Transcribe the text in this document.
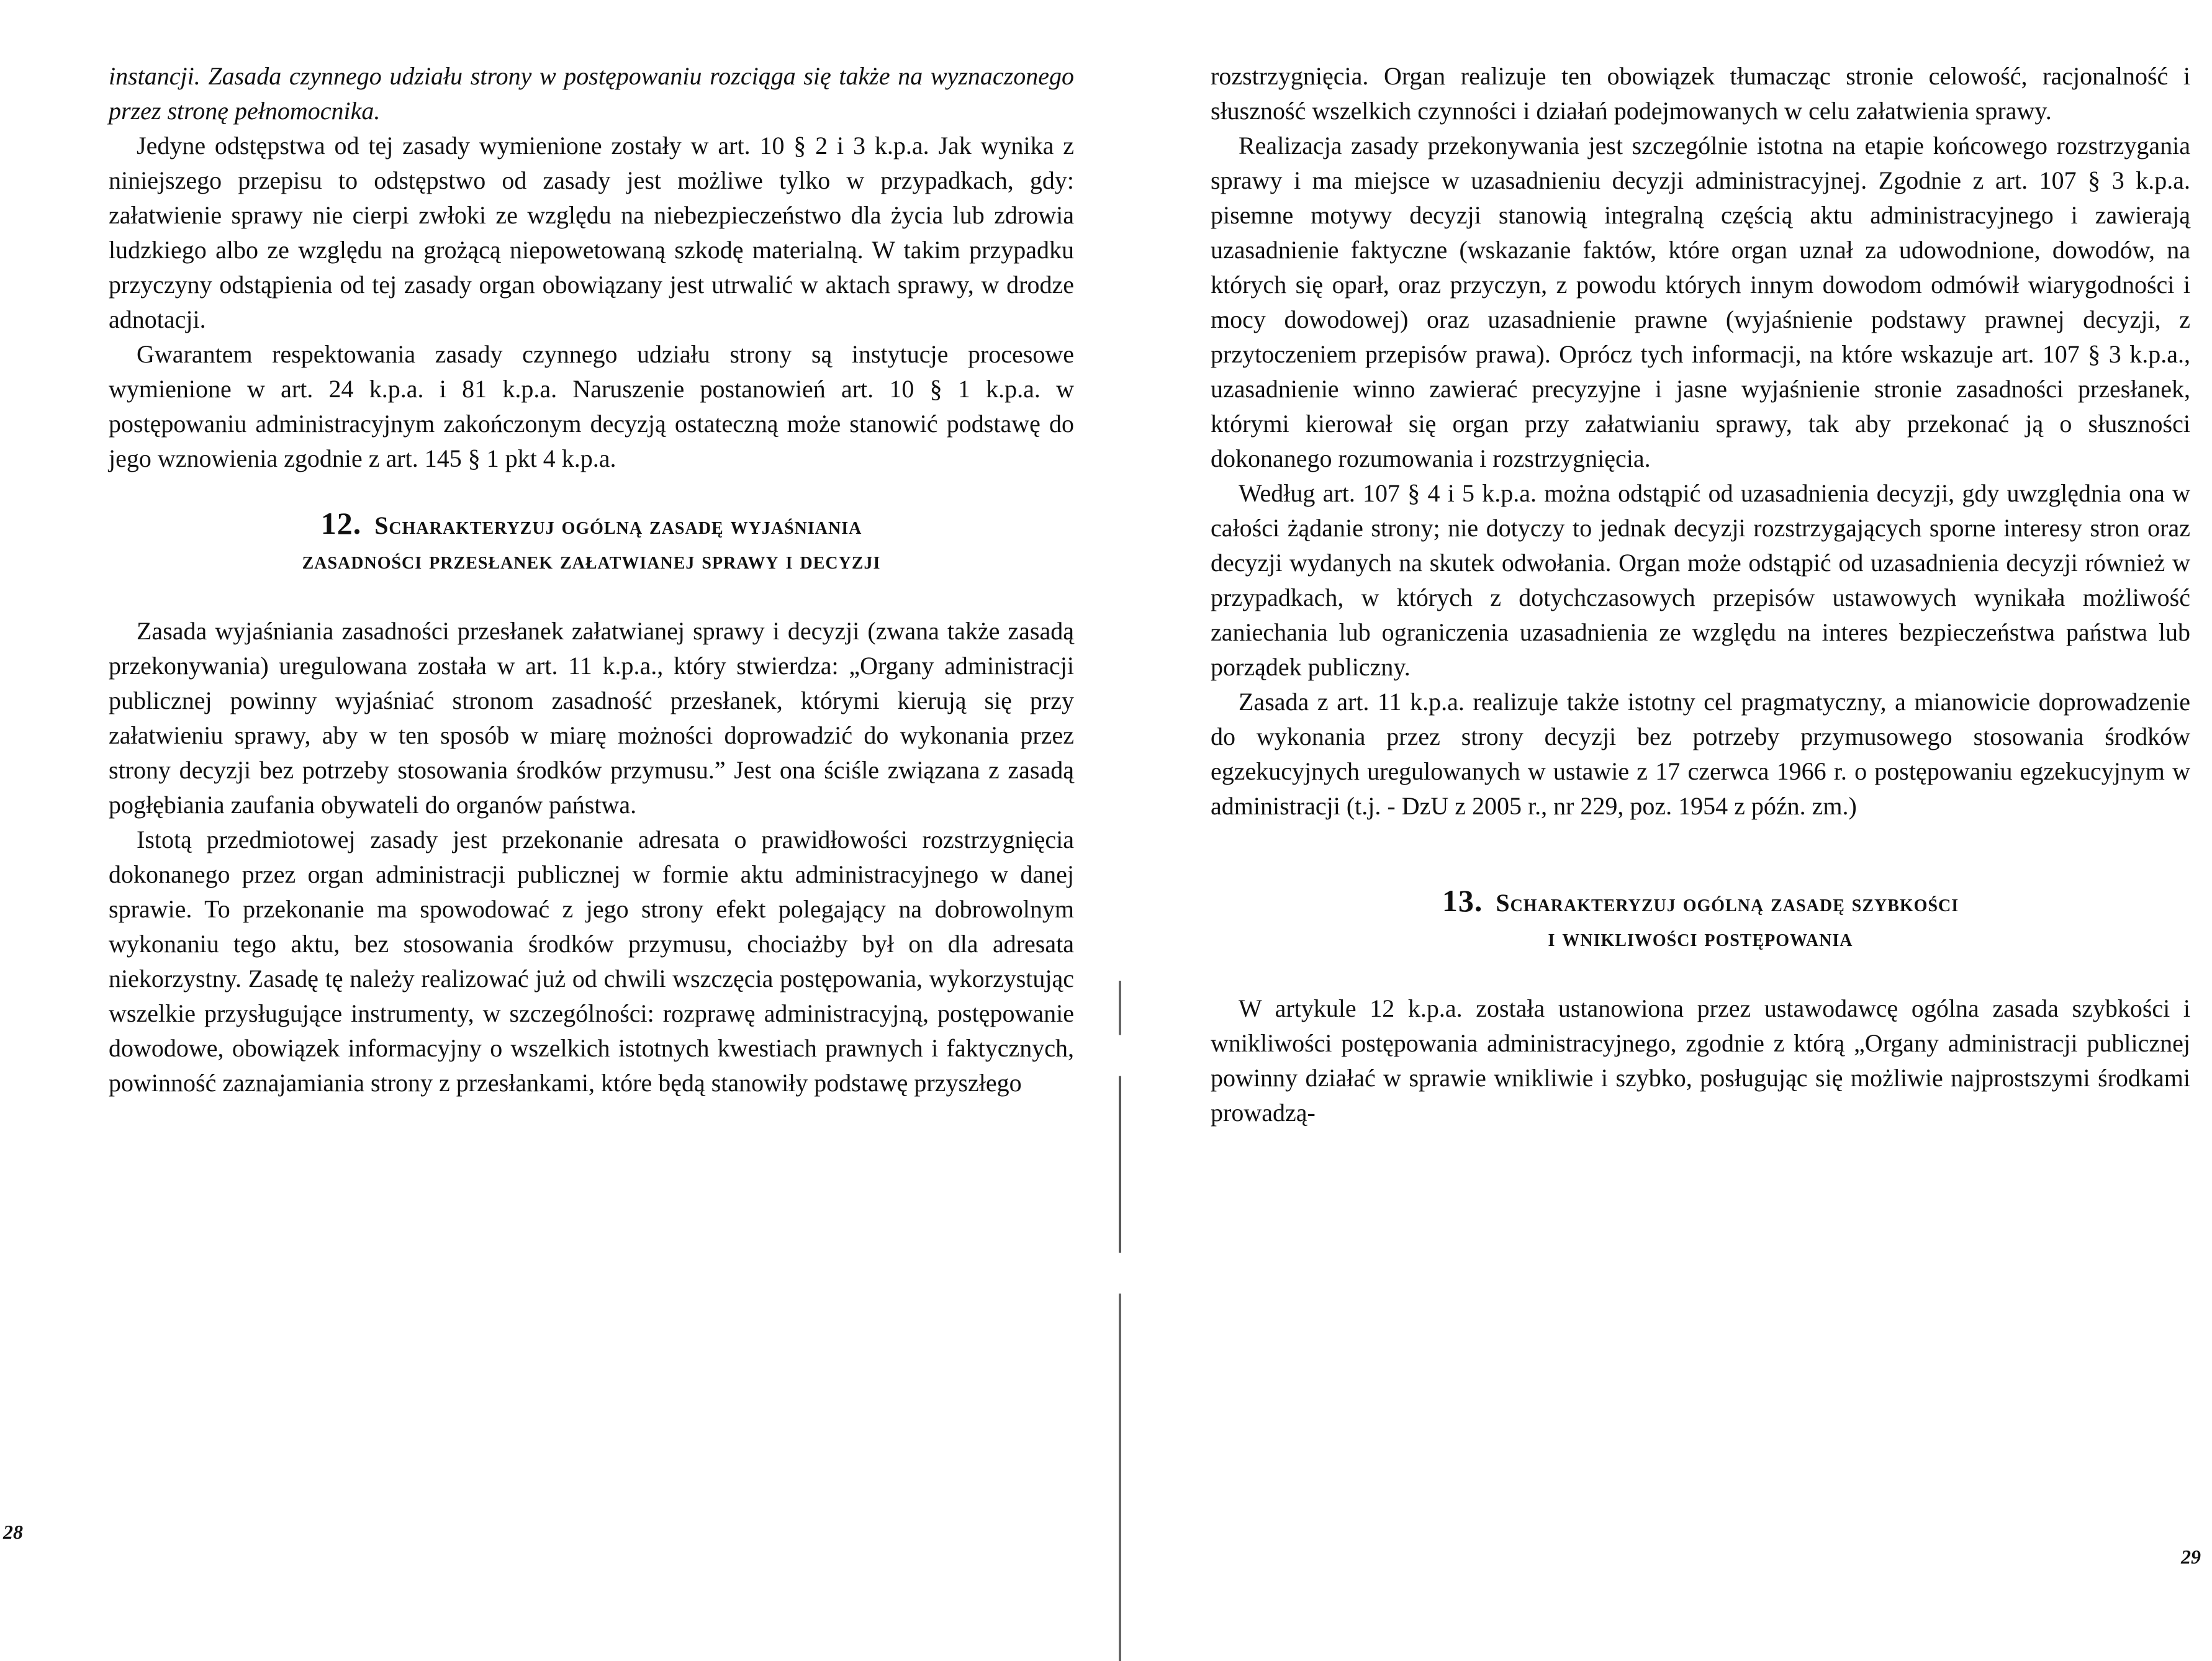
instancji. Zasada czynnego udziału strony w postępowaniu rozciąga się także na wyznaczonego przez stronę pełnomocnika.

Jedyne odstępstwa od tej zasady wymienione zostały w art. 10 § 2 i 3 k.p.a. Jak wynika z niniejszego przepisu to odstępstwo od zasady jest możliwe tylko w przypadkach, gdy: załatwienie sprawy nie cierpi zwłoki ze względu na niebezpieczeństwo dla życia lub zdrowia ludzkiego albo ze względu na grożącą niepowetowaną szkodę materialną. W takim przypadku przyczyny odstąpienia od tej zasady organ obowiązany jest utrwalić w aktach sprawy, w drodze adnotacji.

Gwarantem respektowania zasady czynnego udziału strony są instytucje procesowe wymienione w art. 24 k.p.a. i 81 k.p.a. Naruszenie postanowień art. 10 § 1 k.p.a. w postępowaniu administracyjnym zakończonym decyzją ostateczną może stanowić podstawę do jego wznowienia zgodnie z art. 145 § 1 pkt 4 k.p.a.

12. Scharakteryzuj ogólną zasadę wyjaśniania
zasadności przesłanek załatwianej sprawy i decyzji

Zasada wyjaśniania zasadności przesłanek załatwianej sprawy i decyzji (zwana także zasadą przekonywania) uregulowana została w art. 11 k.p.a., który stwierdza: „Organy administracji publicznej powinny wyjaśniać stronom zasadność przesłanek, którymi kierują się przy załatwieniu sprawy, aby w ten sposób w miarę możności doprowadzić do wykonania przez strony decyzji bez potrzeby stosowania środków przymusu.” Jest ona ściśle związana z zasadą pogłębiania zaufania obywateli do organów państwa.

Istotą przedmiotowej zasady jest przekonanie adresata o prawidłowości rozstrzygnięcia dokonanego przez organ administracji publicznej w formie aktu administracyjnego w danej sprawie. To przekonanie ma spowodować z jego strony efekt polegający na dobrowolnym wykonaniu tego aktu, bez stosowania środków przymusu, chociażby był on dla adresata niekorzystny. Zasadę tę należy realizować już od chwili wszczęcia postępowania, wykorzystując wszelkie przysługujące instrumenty, w szczególności: rozprawę administracyjną, postępowanie dowodowe, obowiązek informacyjny o wszelkich istotnych kwestiach prawnych i faktycznych, powinność zaznajamiania strony z przesłankami, które będą stanowiły podstawę przyszłego

28

rozstrzygnięcia. Organ realizuje ten obowiązek tłumacząc stronie celowość, racjonalność i słuszność wszelkich czynności i działań podejmowanych w celu załatwienia sprawy.

Realizacja zasady przekonywania jest szczególnie istotna na etapie końcowego rozstrzygania sprawy i ma miejsce w uzasadnieniu decyzji administracyjnej. Zgodnie z art. 107 § 3 k.p.a. pisemne motywy decyzji stanowią integralną częścią aktu administracyjnego i zawierają uzasadnienie faktyczne (wskazanie faktów, które organ uznał za udowodnione, dowodów, na których się oparł, oraz przyczyn, z powodu których innym dowodom odmówił wiarygodności i mocy dowodowej) oraz uzasadnienie prawne (wyjaśnienie podstawy prawnej decyzji, z przytoczeniem przepisów prawa). Oprócz tych informacji, na które wskazuje art. 107 § 3 k.p.a., uzasadnienie winno zawierać precyzyjne i jasne wyjaśnienie stronie zasadności przesłanek, którymi kierował się organ przy załatwianiu sprawy, tak aby przekonać ją o słuszności dokonanego rozumowania i rozstrzygnięcia.

Według art. 107 § 4 i 5 k.p.a. można odstąpić od uzasadnienia decyzji, gdy uwzględnia ona w całości żądanie strony; nie dotyczy to jednak decyzji rozstrzygających sporne interesy stron oraz decyzji wydanych na skutek odwołania. Organ może odstąpić od uzasadnienia decyzji również w przypadkach, w których z dotychczasowych przepisów ustawowych wynikała możliwość zaniechania lub ograniczenia uzasadnienia ze względu na interes bezpieczeństwa państwa lub porządek publiczny.

Zasada z art. 11 k.p.a. realizuje także istotny cel pragmatyczny, a mianowicie doprowadzenie do wykonania przez strony decyzji bez potrzeby przymusowego stosowania środków egzekucyjnych uregulowanych w ustawie z 17 czerwca 1966 r. o postępowaniu egzekucyjnym w administracji (t.j. - DzU z 2005 r., nr 229, poz. 1954 z późn. zm.)

13. Scharakteryzuj ogólną zasadę szybkości
i wnikliwości postępowania

W artykule 12 k.p.a. została ustanowiona przez ustawodawcę ogólna zasada szybkości i wnikliwości postępowania administracyjnego, zgodnie z którą „Organy administracji publicznej powinny działać w sprawie wnikliwie i szybko, posługując się możliwie najprostszymi środkami prowadzą-

29
